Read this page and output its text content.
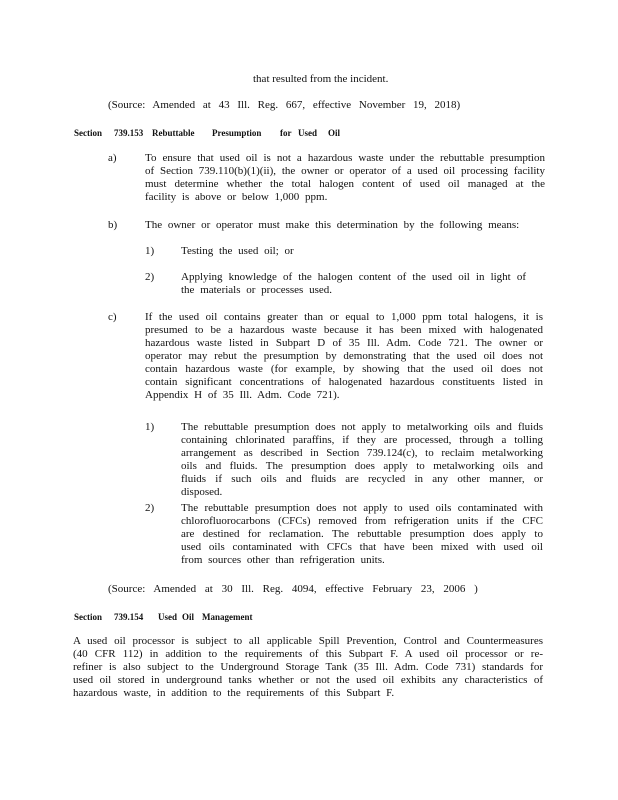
that resulted from the incident.
(Source: Amended at 43 Ill. Reg. 667, effective November 19, 2018)
Section 739.153 Rebuttable Presumption for Used Oil
a)	To ensure that used oil is not a hazardous waste under the rebuttable presumption of Section 739.110(b)(1)(ii), the owner or operator of a used oil processing facility must determine whether the total halogen content of used oil managed at the facility is above or below 1,000 ppm.
b)	The owner or operator must make this determination by the following means:
1) Testing the used oil; or
2) Applying knowledge of the halogen content of the used oil in light of the materials or processes used.
c)	If the used oil contains greater than or equal to 1,000 ppm total halogens, it is presumed to be a hazardous waste because it has been mixed with halogenated hazardous waste listed in Subpart D of 35 Ill. Adm. Code 721. The owner or operator may rebut the presumption by demonstrating that the used oil does not contain hazardous waste (for example, by showing that the used oil does not contain significant concentrations of halogenated hazardous constituents listed in Appendix H of 35 Ill. Adm. Code 721).
1) The rebuttable presumption does not apply to metalworking oils and fluids containing chlorinated paraffins, if they are processed, through a tolling arrangement as described in Section 739.124(c), to reclaim metalworking oils and fluids. The presumption does apply to metalworking oils and fluids if such oils and fluids are recycled in any other manner, or disposed.
2) The rebuttable presumption does not apply to used oils contaminated with chlorofluorocarbons (CFCs) removed from refrigeration units if the CFC are destined for reclamation. The rebuttable presumption does apply to used oils contaminated with CFCs that have been mixed with used oil from sources other than refrigeration units.
(Source: Amended at 30 Ill. Reg. 4094, effective February 23, 2006 )
Section 739.154 Used Oil Management
A used oil processor is subject to all applicable Spill Prevention, Control and Countermeasures (40 CFR 112) in addition to the requirements of this Subpart F. A used oil processor or re-refiner is also subject to the Underground Storage Tank (35 Ill. Adm. Code 731) standards for used oil stored in underground tanks whether or not the used oil exhibits any characteristics of hazardous waste, in addition to the requirements of this Subpart F.
